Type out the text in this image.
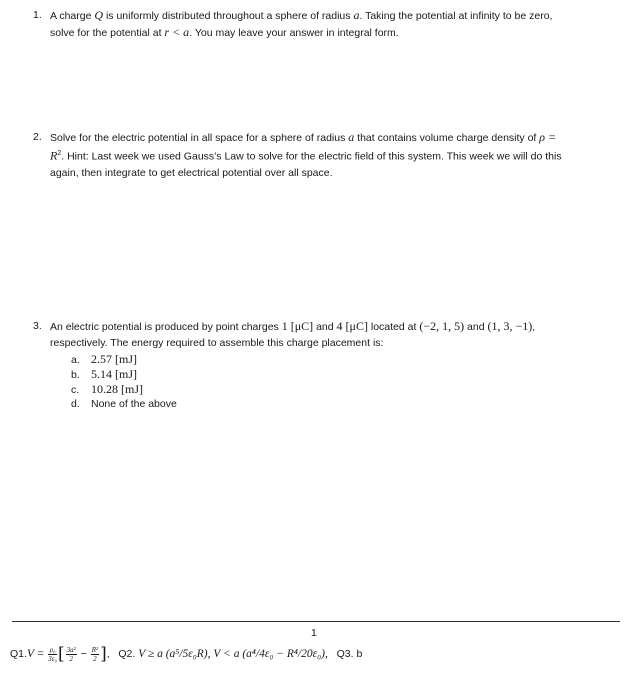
1. A charge Q is uniformly distributed throughout a sphere of radius a. Taking the potential at infinity to be zero,
solve for the potential at r < a. You may leave your answer in integral form.
2. Solve for the electric potential in all space for a sphere of radius a that contains volume charge density of ρ =
$R^2$. Hint: Last week we used Gauss’s Law to solve for the electric field of this system. This week we will do this
again, then integrate to get electrical potential over all space.
3. An electric potential is produced by point charges 1 [μC] and 4 [μC] located at (−2, 1, 5) and (1, 3, −1),
respectively. The energy required to assemble this charge placement is:
a. 2.57 [mJ]
b. 5.14 [mJ]
c. 10.28 [mJ]
d. None of the above
1
$Q1.V = \frac{\text{ρ₀}}{\text{3ε₀}}$ [ $\frac{\text{3a²}}{2} - \frac{\text{R²}}{2}$ ], Q2. V ≥ a (a⁵/5ε₀R), V < a (a⁴/4ε₀ − R⁴/20ε₀), Q3. b
